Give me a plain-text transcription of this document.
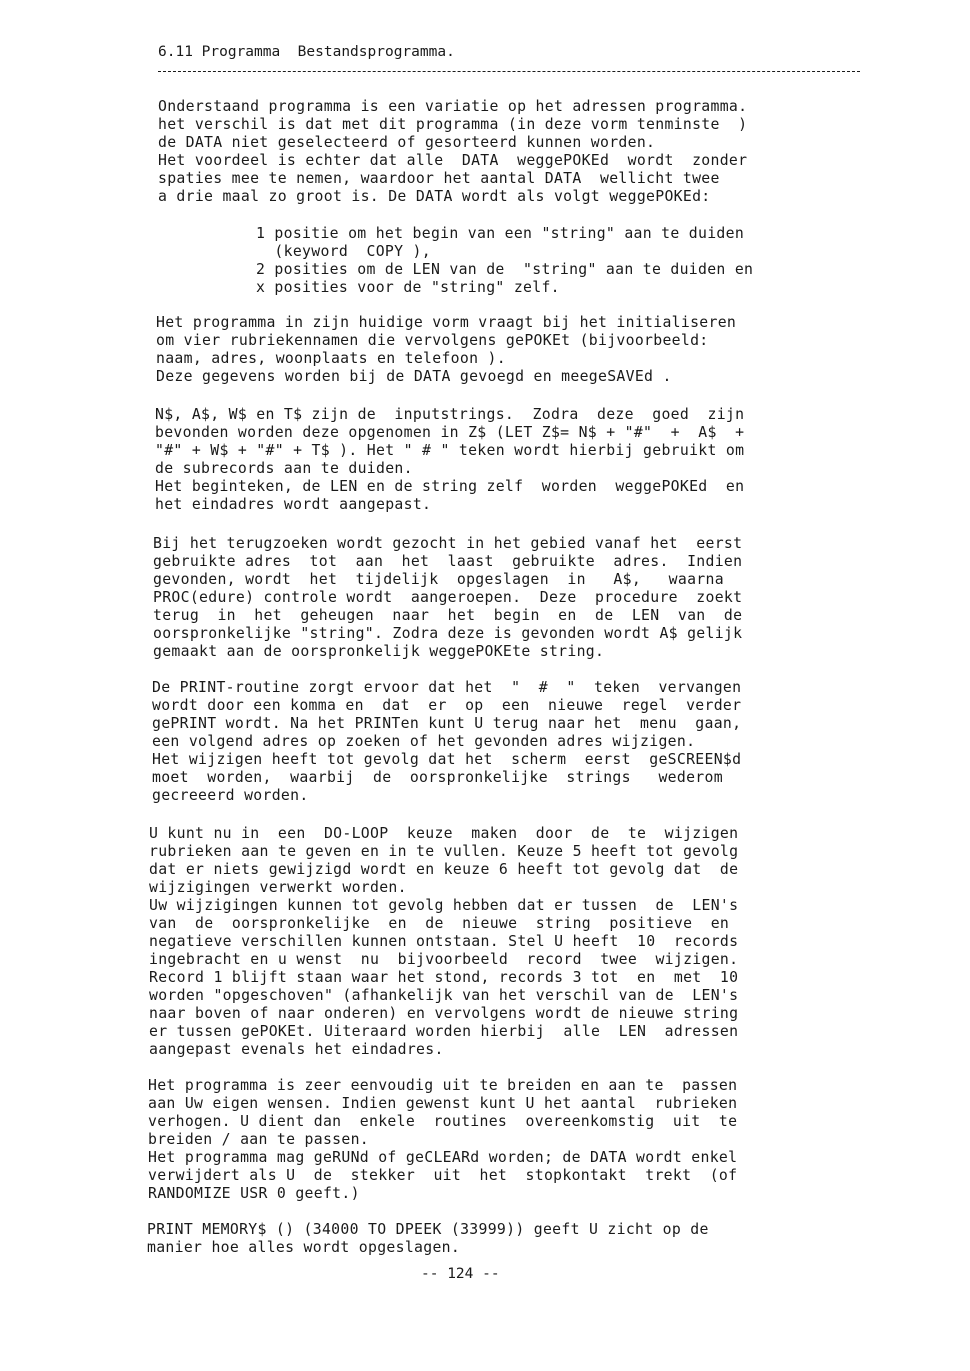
6.11 Programma  Bestandsprogramma.
Onderstaand programma is een variatie op het adressen programma.
het verschil is dat met dit programma (in deze vorm tenminste  )
de DATA niet geselecteerd of gesorteerd kunnen worden.
Het voordeel is echter dat alle  DATA  weggePOKEd  wordt  zonder
spaties mee te nemen, waardoor het aantal DATA  wellicht twee
a drie maal zo groot is. De DATA wordt als volgt weggePOKEd:
1 positie om het begin van een "string" aan te duiden
(keyword  COPY ),
2 posities om de LEN van de  "string" aan te duiden en
x posities voor de "string" zelf.
Het programma in zijn huidige vorm vraagt bij het initialiseren
om vier rubriekennamen die vervolgens gePOKEt (bijvoorbeeld:
naam, adres, woonplaats en telefoon ).
Deze gegevens worden bij de DATA gevoegd en meegeSAVEd .
N$, A$, W$ en T$ zijn de  inputstrings.  Zodra  deze  goed  zijn
bevonden worden deze opgenomen in Z$ (LET Z$= N$ + "#"  +  A$  +
"#" + W$ + "#" + T$ ). Het " # " teken wordt hierbij gebruikt om
de subrecords aan te duiden.
Het beginteken, de LEN en de string zelf  worden  weggePOKEd  en
het eindadres wordt aangepast.
Bij het terugzoeken wordt gezocht in het gebied vanaf het  eerst
gebruikte adres  tot  aan  het  laast  gebruikte  adres.  Indien
gevonden, wordt  het  tijdelijk  opgeslagen  in   A$,   waarna
PROC(edure) controle wordt  aangeroepen.  Deze  procedure  zoekt
terug  in  het  geheugen  naar  het  begin  en  de  LEN  van  de
oorspronkelijke "string". Zodra deze is gevonden wordt A$ gelijk
gemaakt aan de oorspronkelijk weggePOKEte string.
De PRINT-routine zorgt ervoor dat het  "  #  "  teken  vervangen
wordt door een komma en  dat  er  op  een  nieuwe  regel  verder
gePRINT wordt. Na het PRINTen kunt U terug naar het  menu  gaan,
een volgend adres op zoeken of het gevonden adres wijzigen.
Het wijzigen heeft tot gevolg dat het  scherm  eerst  geSCREEN$d
moet  worden,  waarbij  de  oorspronkelijke  strings   wederom
gecreeerd worden.
U kunt nu in  een  DO-LOOP  keuze  maken  door  de  te  wijzigen
rubrieken aan te geven en in te vullen. Keuze 5 heeft tot gevolg
dat er niets gewijzigd wordt en keuze 6 heeft tot gevolg dat  de
wijzigingen verwerkt worden.
Uw wijzigingen kunnen tot gevolg hebben dat er tussen  de  LEN's
van  de  oorspronkelijke  en  de  nieuwe  string  positieve  en
negatieve verschillen kunnen ontstaan. Stel U heeft  10  records
ingebracht en u wenst  nu  bijvoorbeeld  record  twee  wijzigen.
Record 1 blijft staan waar het stond, records 3 tot  en  met  10
worden "opgeschoven" (afhankelijk van het verschil van de  LEN's
naar boven of naar onderen) en vervolgens wordt de nieuwe string
er tussen gePOKEt. Uiteraard worden hierbij  alle  LEN  adressen
aangepast evenals het eindadres.
Het programma is zeer eenvoudig uit te breiden en aan te  passen
aan Uw eigen wensen. Indien gewenst kunt U het aantal  rubrieken
verhogen. U dient dan  enkele  routines  overeenkomstig  uit  te
breiden / aan te passen.
Het programma mag geRUNd of geCLEARd worden; de DATA wordt enkel
verwijdert als U  de  stekker  uit  het  stopkontakt  trekt  (of
RANDOMIZE USR 0 geeft.)
PRINT MEMORY$ () (34000 TO DPEEK (33999)) geeft U zicht op de
manier hoe alles wordt opgeslagen.
-- 124 --
